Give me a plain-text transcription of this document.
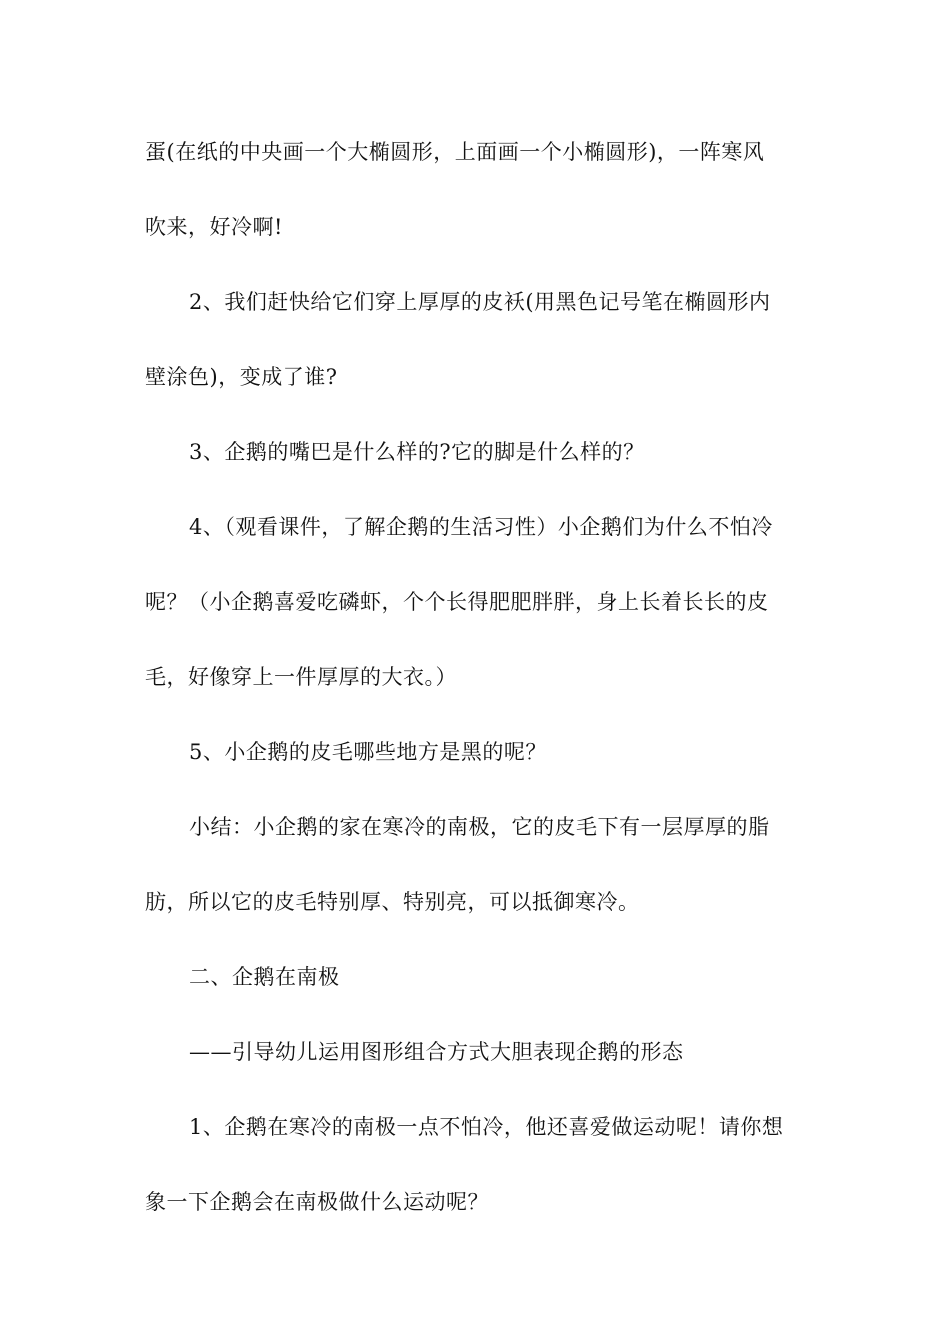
蛋(在纸的中央画一个大椭圆形，上面画一个小椭圆形)，一阵寒风

吹来，好冷啊!

2、我们赶快给它们穿上厚厚的皮袄(用黑色记号笔在椭圆形内

壁涂色)，变成了谁?

3、企鹅的嘴巴是什么样的?它的脚是什么样的？

4、（观看课件，了解企鹅的生活习性）小企鹅们为什么不怕冷

呢？（小企鹅喜爱吃磷虾，个个长得肥肥胖胖，身上长着长长的皮

毛，好像穿上一件厚厚的大衣。）

5、小企鹅的皮毛哪些地方是黑的呢？

小结：小企鹅的家在寒冷的南极，它的皮毛下有一层厚厚的脂

肪，所以它的皮毛特别厚、特别亮，可以抵御寒冷。

二、企鹅在南极

——引导幼儿运用图形组合方式大胆表现企鹅的形态

1、企鹅在寒冷的南极一点不怕冷，他还喜爱做运动呢！请你想

象一下企鹅会在南极做什么运动呢？
